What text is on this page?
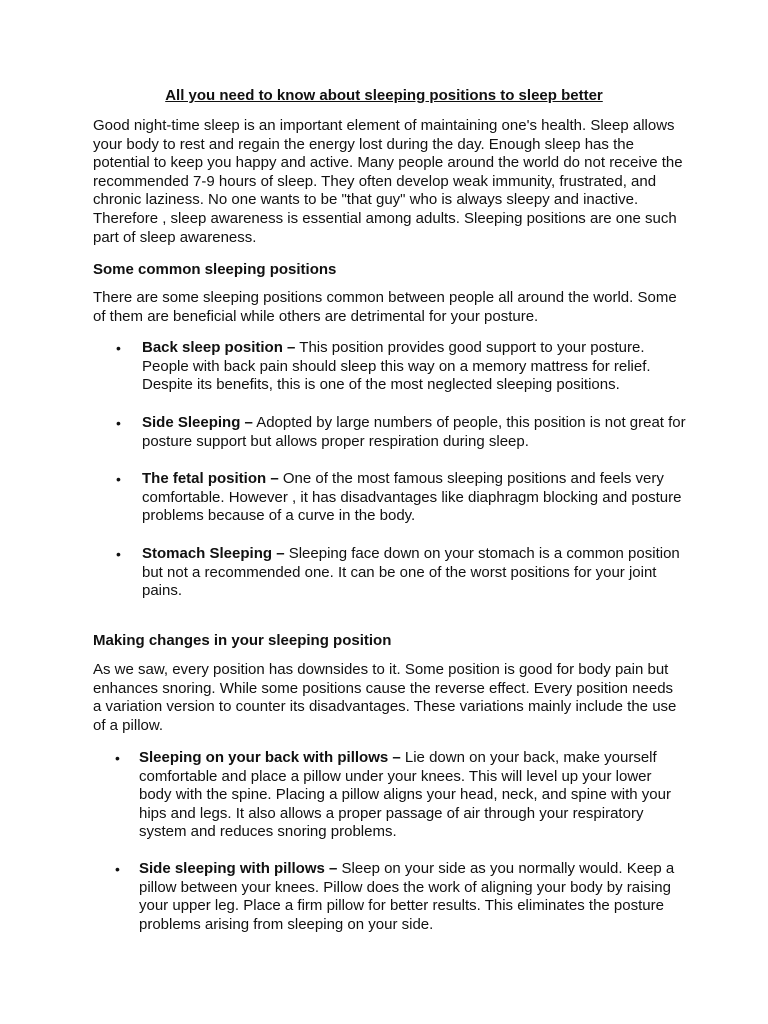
All you need to know about sleeping positions to sleep better

Good night-time sleep is an important element of maintaining one's health. Sleep allows your body to rest and regain the energy lost during the day. Enough sleep has the potential to keep you happy and active. Many people around the world do not receive the recommended 7-9 hours of sleep. They often develop weak immunity, frustrated, and chronic laziness. No one wants to be "that guy" who is always sleepy and inactive. Therefore , sleep awareness is essential among adults. Sleeping positions are one such part of sleep awareness.

Some common sleeping positions

There are some sleeping positions common between people all around the world. Some of them are beneficial while others are detrimental for your posture.

• Back sleep position – This position provides good support to your posture. People with back pain should sleep this way on a memory mattress for relief. Despite its benefits, this is one of the most neglected sleeping positions.
• Side Sleeping – Adopted by large numbers of people, this position is not great for posture support but allows proper respiration during sleep.
• The fetal position – One of the most famous sleeping positions and feels very comfortable. However , it has disadvantages like diaphragm blocking and posture problems because of a curve in the body.
• Stomach Sleeping – Sleeping face down on your stomach is a common position but not a recommended one. It can be one of the worst positions for your joint pains.

Making changes in your sleeping position

As we saw, every position has downsides to it. Some position is good for body pain but enhances snoring. While some positions cause the reverse effect. Every position needs a variation version to counter its disadvantages. These variations mainly include the use of a pillow.

• Sleeping on your back with pillows – Lie down on your back, make yourself comfortable and place a pillow under your knees. This will level up your lower body with the spine. Placing a pillow aligns your head, neck, and spine with your hips and legs. It also allows a proper passage of air through your respiratory system and reduces snoring problems.
• Side sleeping with pillows – Sleep on your side as you normally would. Keep a pillow between your knees. Pillow does the work of aligning your body by raising your upper leg. Place a firm pillow for better results. This eliminates the posture problems arising from sleeping on your side.
